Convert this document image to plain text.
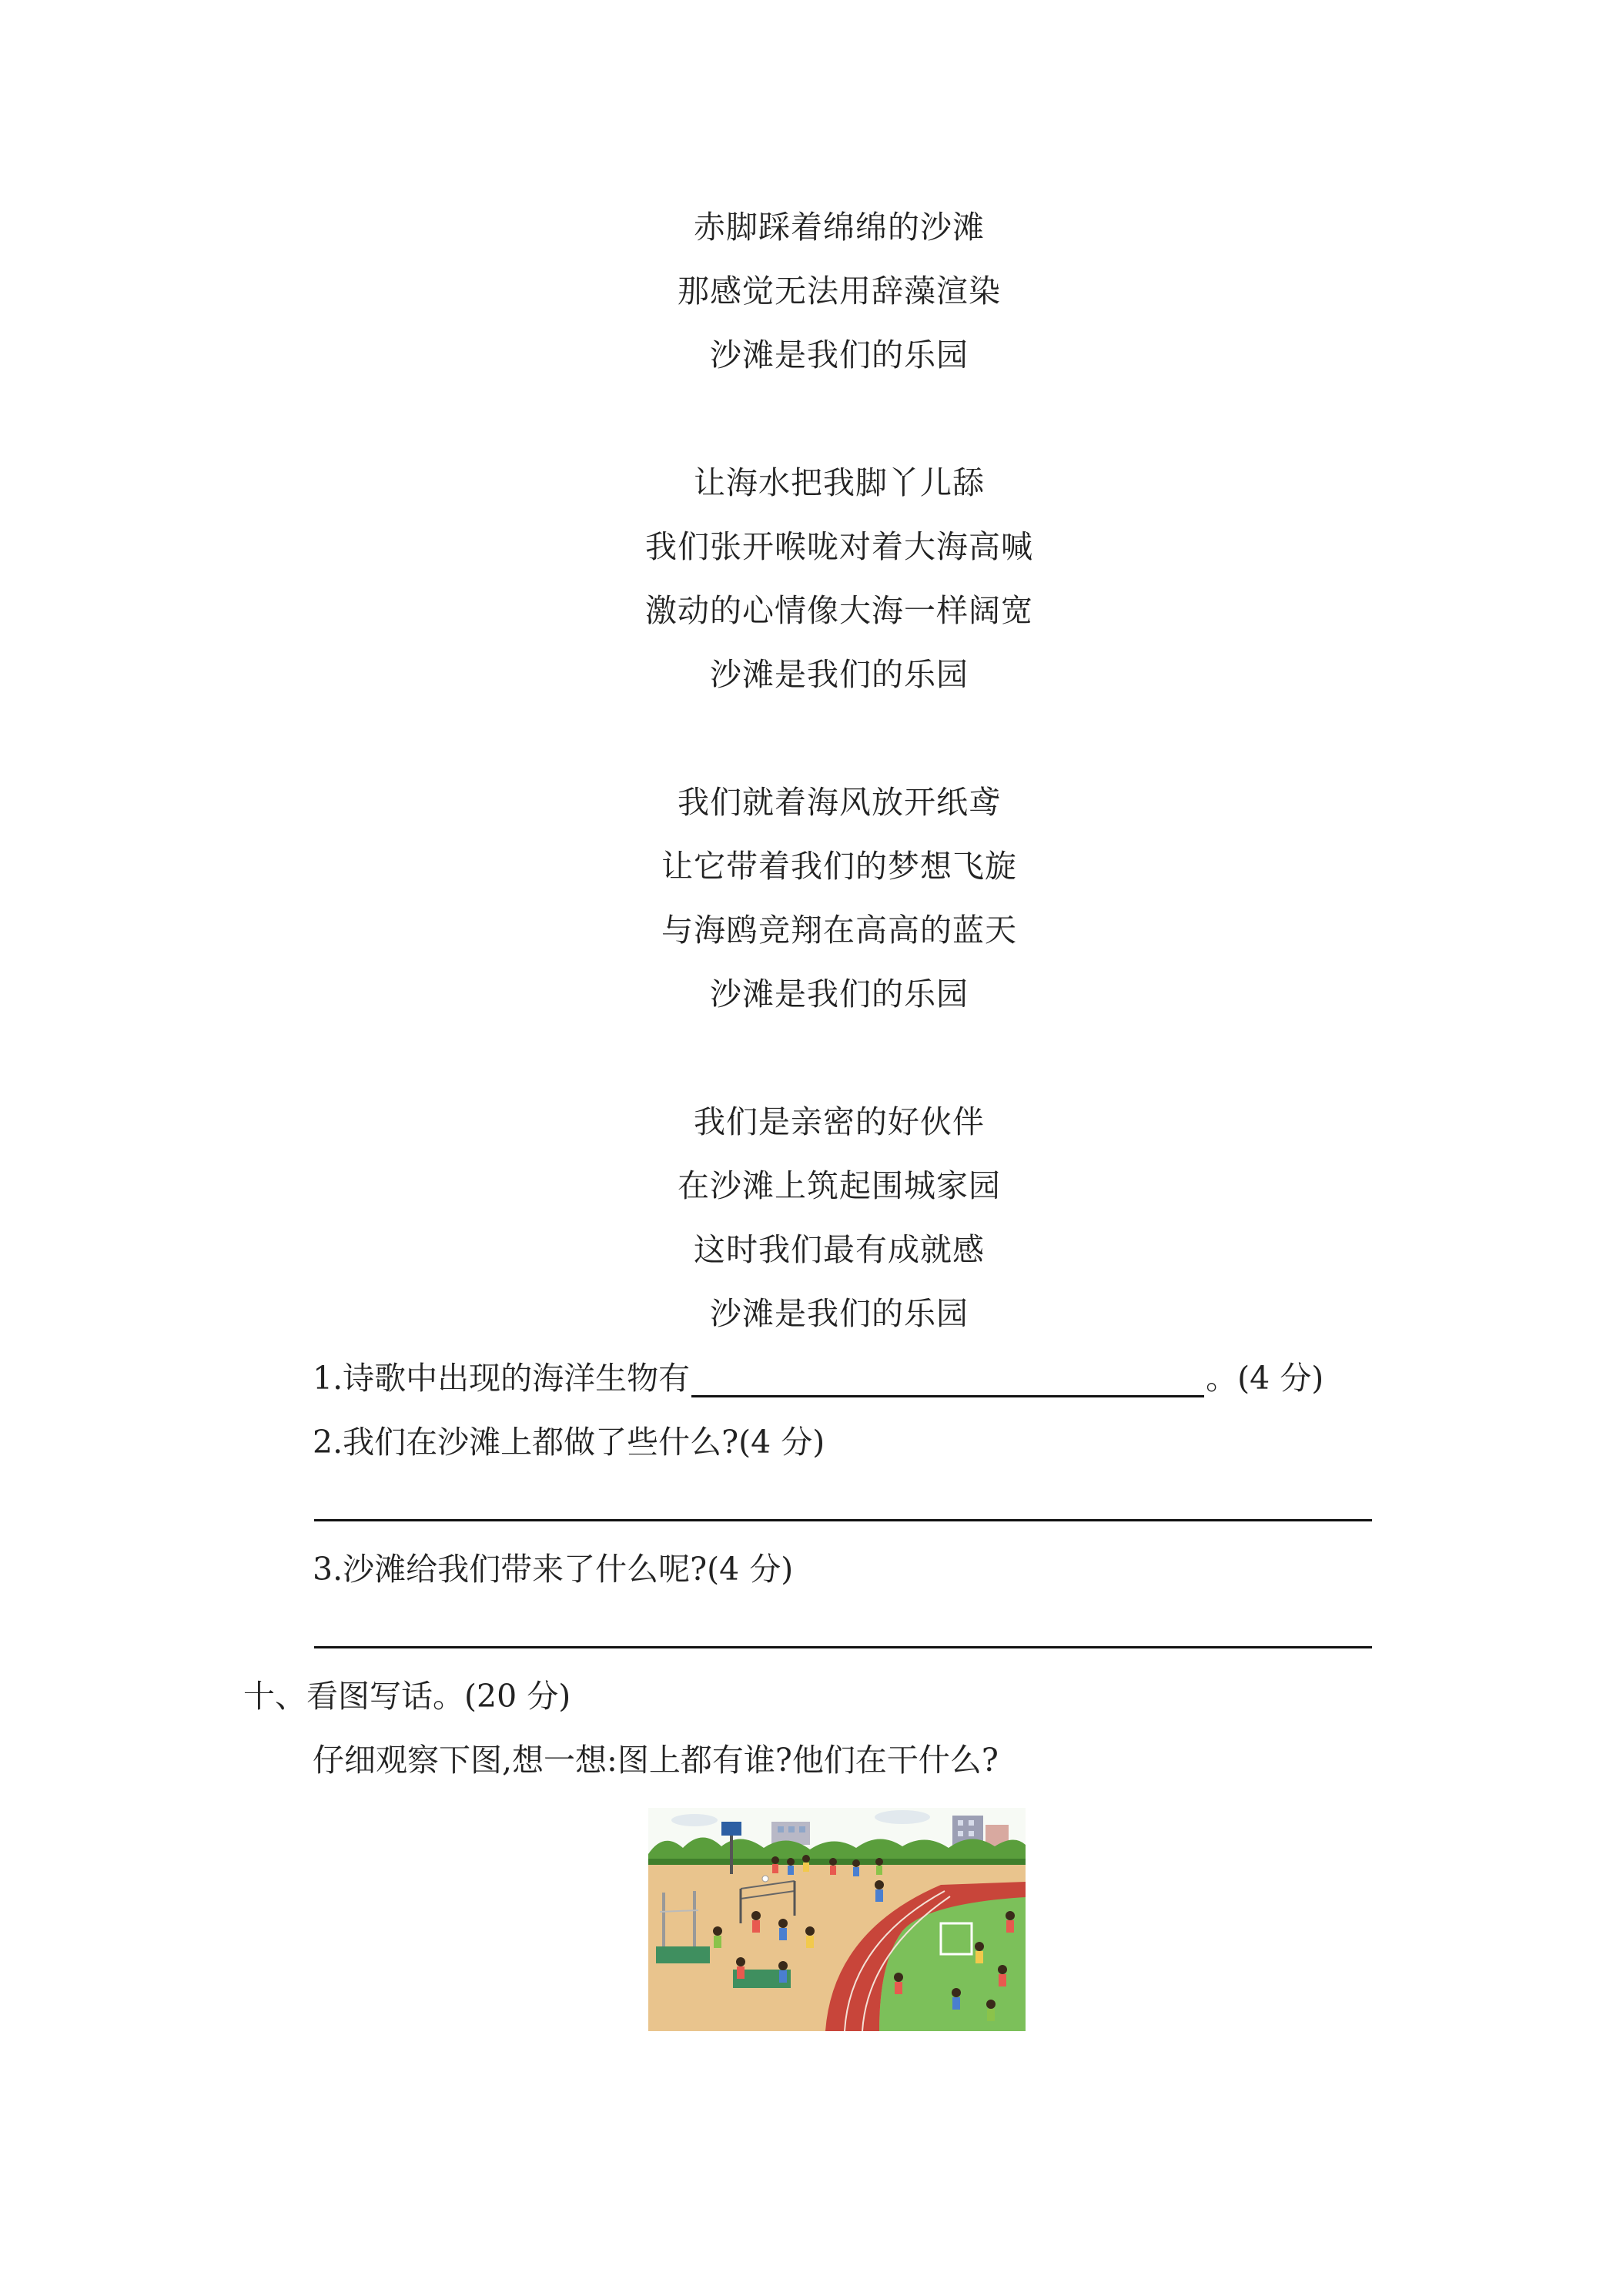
赤脚踩着绵绵的沙滩
那感觉无法用辞藻渲染
沙滩是我们的乐园
让海水把我脚丫儿舔
我们张开喉咙对着大海高喊
激动的心情像大海一样阔宽
沙滩是我们的乐园
我们就着海风放开纸鸢
让它带着我们的梦想飞旋
与海鸥竞翔在高高的蓝天
沙滩是我们的乐园
我们是亲密的好伙伴
在沙滩上筑起围城家园
这时我们最有成就感
沙滩是我们的乐园
1.诗歌中出现的海洋生物有	。(4 分)
2.我们在沙滩上都做了些什么?(4 分)
3.沙滩给我们带来了什么呢?(4 分)
十、看图写话。(20 分)
仔细观察下图,想一想:图上都有谁?他们在干什么?
